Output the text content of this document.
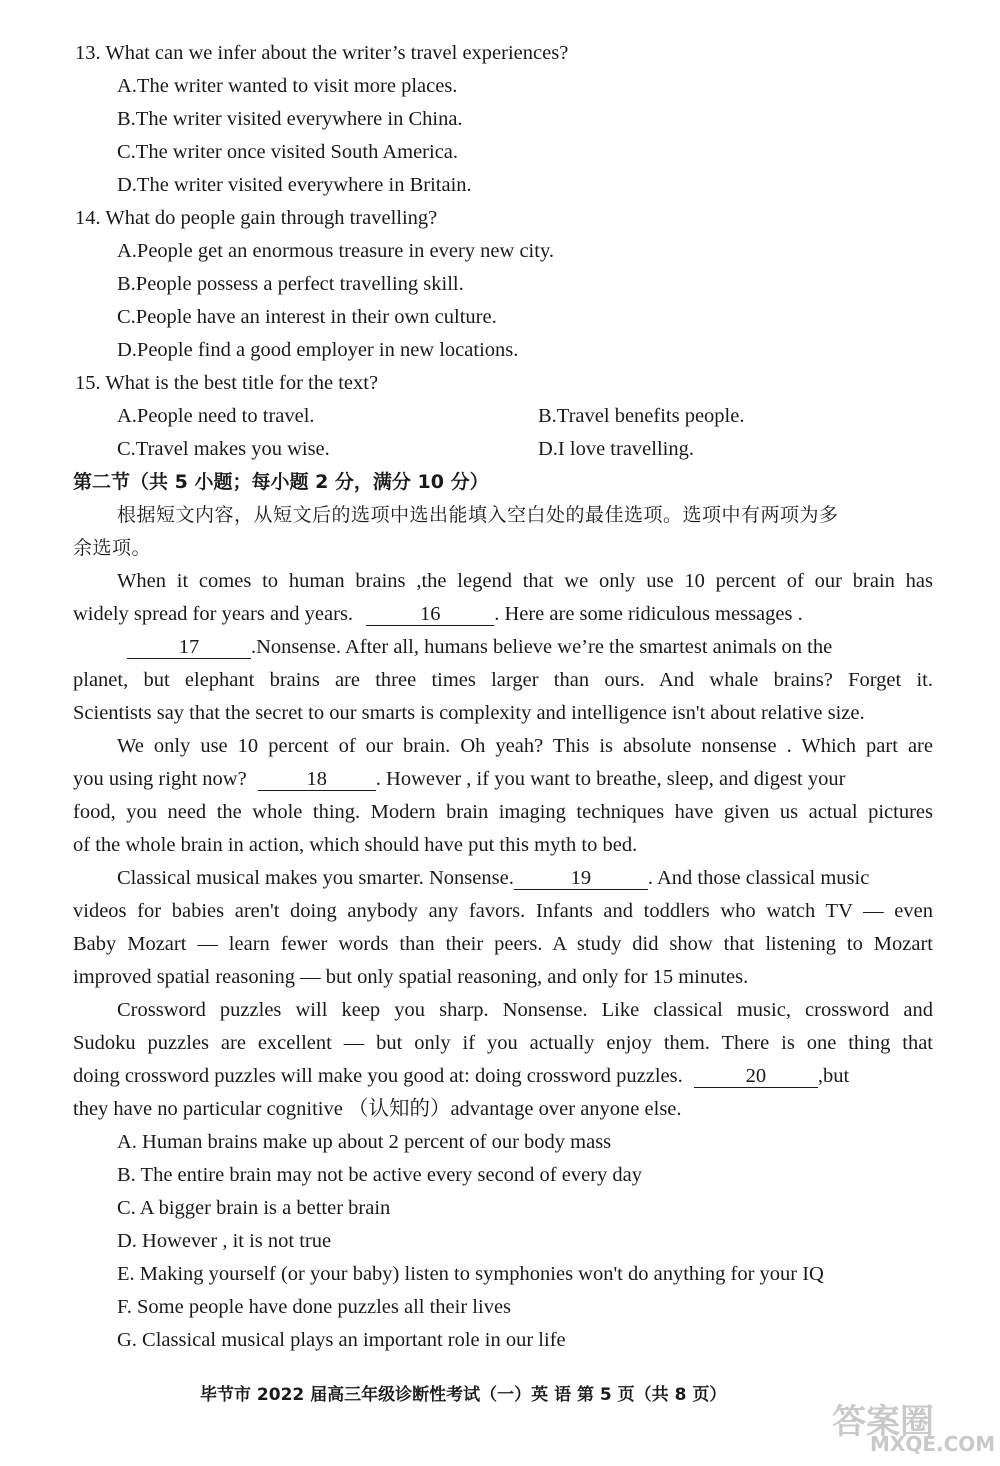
13. What can we infer about the writer’s travel experiences?
A.The writer wanted to visit more places.
B.The writer visited everywhere in China.
C.The writer once visited South America.
D.The writer visited everywhere in Britain.
14. What do people gain through travelling?
A.People get an enormous treasure in every new city.
B.People possess a perfect travelling skill.
C.People have an interest in their own culture.
D.People find a good employer in new locations.
15. What is the best title for the text?
A.People need to travel.	B.Travel benefits people.
C.Travel makes you wise.	D.I love travelling.
第二节（共 5 小题；每小题 2 分，满分 10 分）
根据短文内容，从短文后的选项中选出能填入空白处的最佳选项。选项中有两项为多
余选项。
When it comes to human brains ,the legend that we only use 10 percent of our brain has
widely spread for years and years.	16	. Here are some ridiculous messages .
17	.Nonsense. After all, humans believe we’re the smartest animals on the
planet, but elephant brains are three times larger than ours. And whale brains? Forget it.
Scientists say that the secret to our smarts is complexity and intelligence isn't about relative size.
We only use 10 percent of our brain. Oh yeah? This is absolute nonsense . Which part are
you using right now?	18 . However , if you want to breathe, sleep, and digest your
food, you need the whole thing. Modern brain imaging techniques have given us actual pictures
of the whole brain in action, which should have put this myth to bed.
Classical musical makes you smarter. Nonsense.	19	. And those classical music
videos for babies aren't doing anybody any favors. Infants and toddlers who watch TV — even
Baby Mozart — learn fewer words than their peers. A study did show that listening to Mozart
improved spatial reasoning — but only spatial reasoning, and only for 15 minutes.
Crossword puzzles will keep you sharp. Nonsense. Like classical music, crossword and
Sudoku puzzles are excellent — but only if you actually enjoy them. There is one thing that
doing crossword puzzles will make you good at: doing crossword puzzles.	20	,but
they have no particular cognitive （认知的）advantage over anyone else.
A. Human brains make up about 2 percent of our body mass
B. The entire brain may not be active every second of every day
C. A bigger brain is a better brain
D. However , it is not true
E. Making yourself (or your baby) listen to symphonies won't do anything for your IQ
F. Some people have done puzzles all their lives
G. Classical musical plays an important role in our life
毕节市 2022 届高三年级诊断性考试（一）英 语 第 5 页（共 8 页）
答案圈
MXQE.COM
